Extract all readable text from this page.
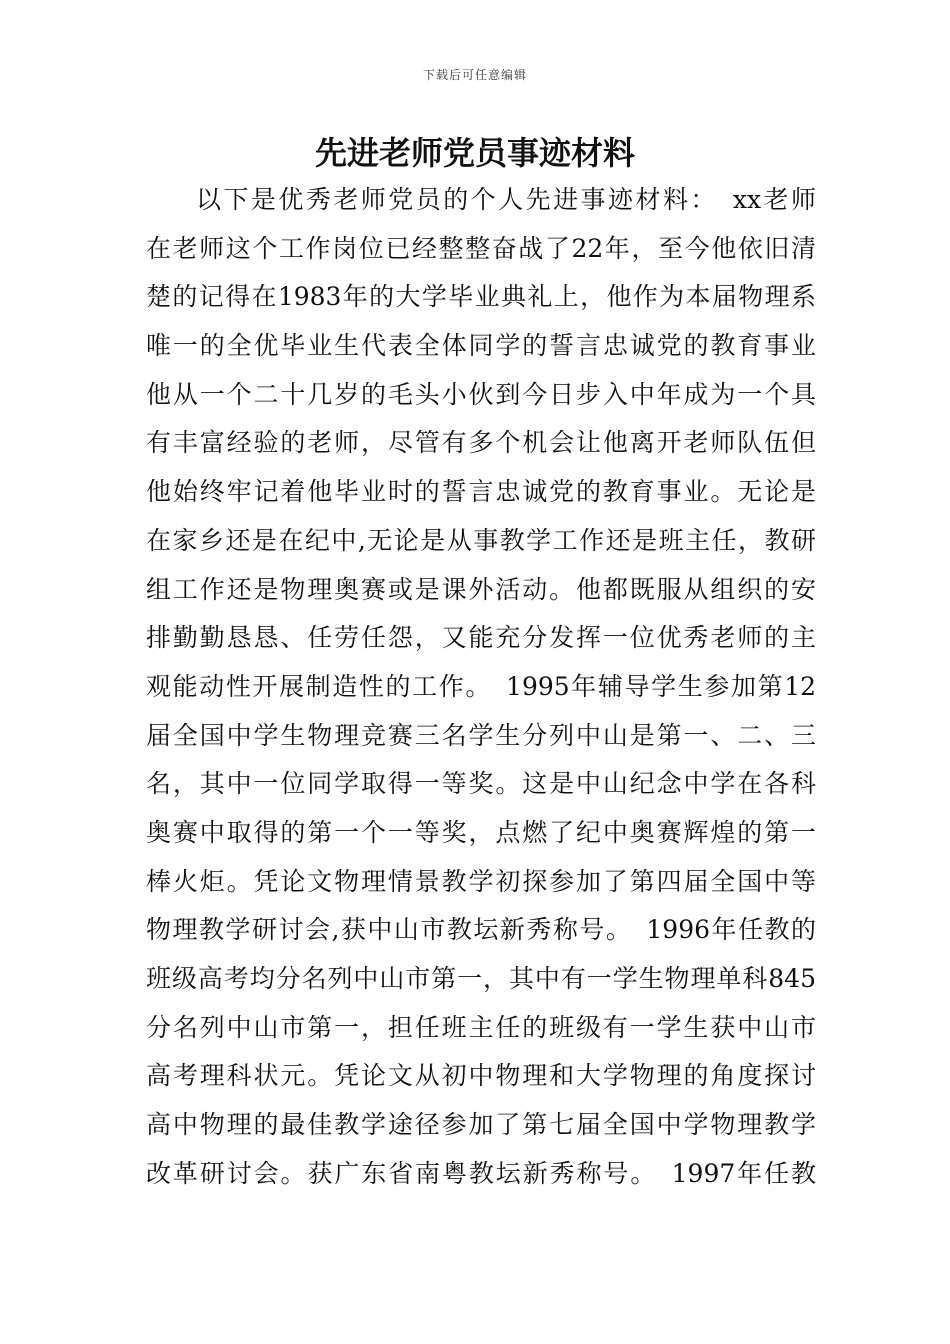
下载后可任意编辑
先进老师党员事迹材料
以下是优秀老师党员的个人先进事迹材料：　xx老师
在老师这个工作岗位已经整整奋战了22年，至今他依旧清
楚的记得在1983年的大学毕业典礼上，他作为本届物理系
唯一的全优毕业生代表全体同学的誓言忠诚党的教育事业
他从一个二十几岁的毛头小伙到今日步入中年成为一个具
有丰富经验的老师，尽管有多个机会让他离开老师队伍但
他始终牢记着他毕业时的誓言忠诚党的教育事业。无论是
在家乡还是在纪中,无论是从事教学工作还是班主任，教研
组工作还是物理奥赛或是课外活动。他都既服从组织的安
排勤勤恳恳、任劳任怨，又能充分发挥一位优秀老师的主
观能动性开展制造性的工作。　1995年辅导学生参加第12
届全国中学生物理竞赛三名学生分列中山是第一、二、三
名，其中一位同学取得一等奖。这是中山纪念中学在各科
奥赛中取得的第一个一等奖，点燃了纪中奥赛辉煌的第一
棒火炬。凭论文物理情景教学初探参加了第四届全国中等
物理教学研讨会,获中山市教坛新秀称号。　1996年任教的
班级高考均分名列中山市第一，其中有一学生物理单科845
分名列中山市第一，担任班主任的班级有一学生获中山市
高考理科状元。凭论文从初中物理和大学物理的角度探讨
高中物理的最佳教学途径参加了第七届全国中学物理教学
改革研讨会。获广东省南粤教坛新秀称号。　1997年任教
